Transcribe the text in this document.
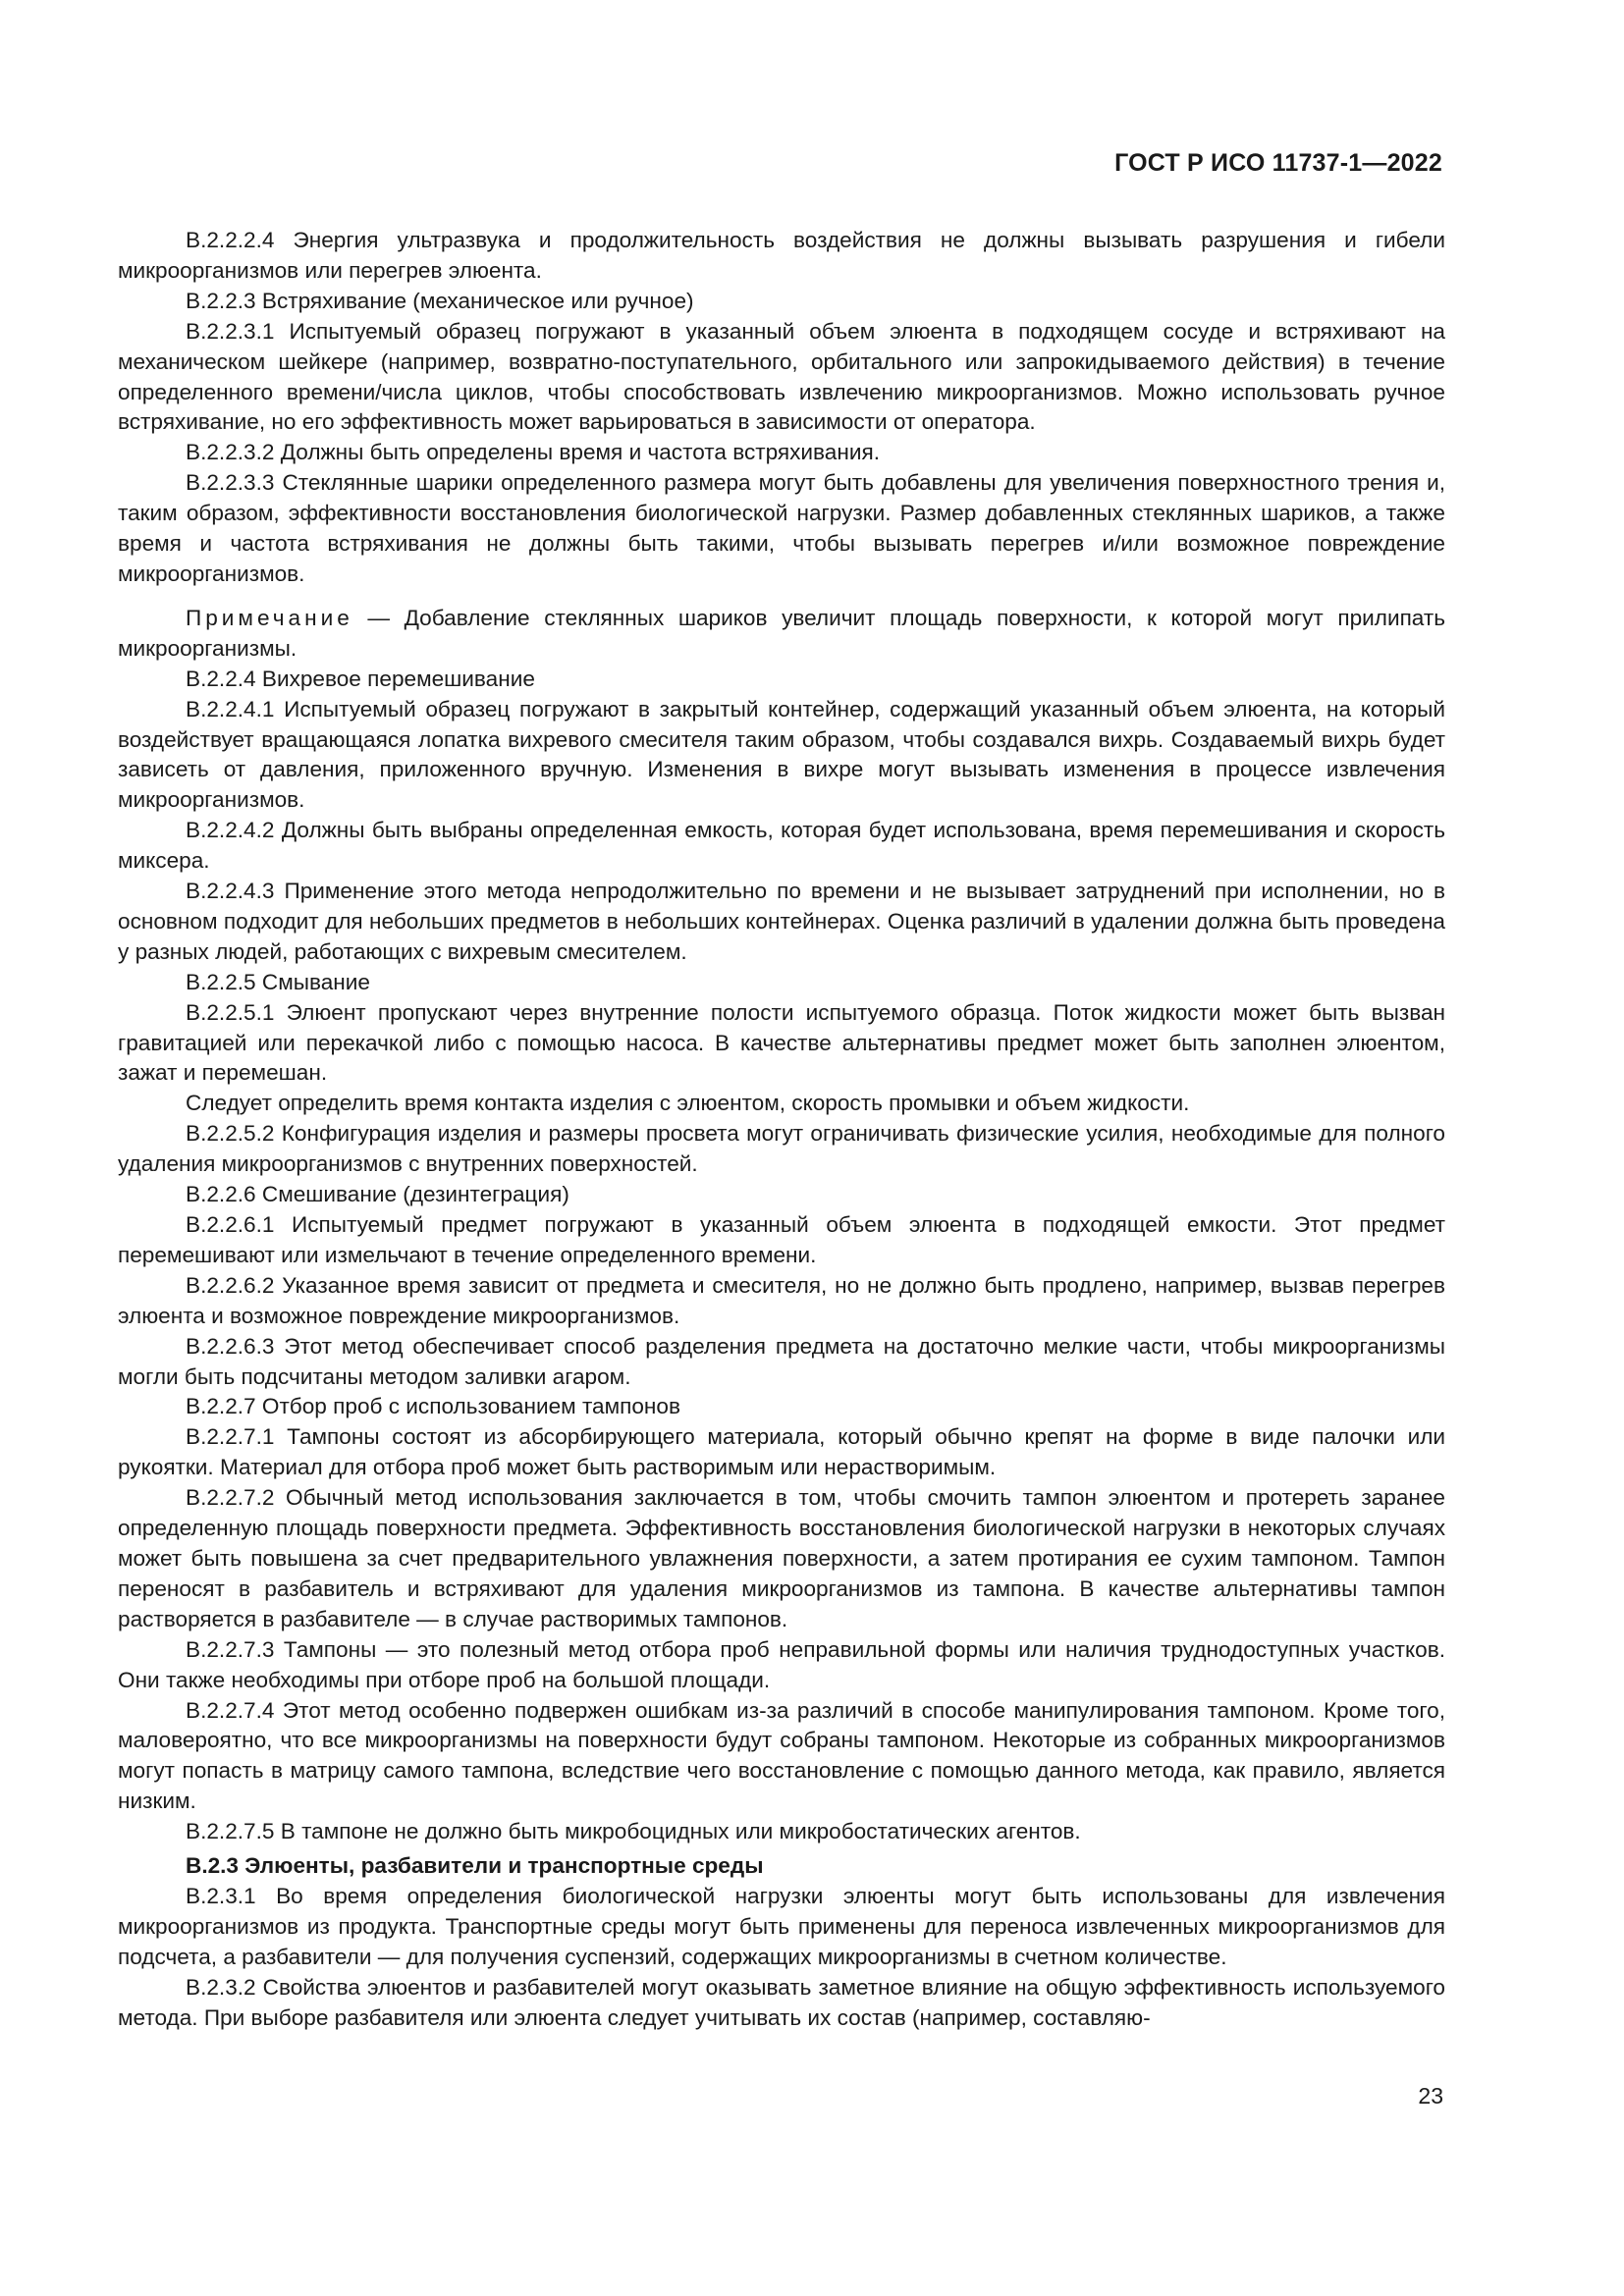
ГОСТ Р ИСО 11737-1—2022

B.2.2.2.4 Энергия ультразвука и продолжительность воздействия не должны вызывать разрушения и гибели микроорганизмов или перегрев элюента.

B.2.2.3 Встряхивание (механическое или ручное)

B.2.2.3.1 Испытуемый образец погружают в указанный объем элюента в подходящем сосуде и встряхивают на механическом шейкере (например, возвратно-поступательного, орбитального или запрокидываемого действия) в течение определенного времени/числа циклов, чтобы способствовать извлечению микроорганизмов. Можно использовать ручное встряхивание, но его эффективность может варьироваться в зависимости от оператора.

B.2.2.3.2 Должны быть определены время и частота встряхивания.

B.2.2.3.3 Стеклянные шарики определенного размера могут быть добавлены для увеличения поверхностного трения и, таким образом, эффективности восстановления биологической нагрузки. Размер добавленных стеклянных шариков, а также время и частота встряхивания не должны быть такими, чтобы вызывать перегрев и/или возможное повреждение микроорганизмов.

Примечание — Добавление стеклянных шариков увеличит площадь поверхности, к которой могут прилипать микроорганизмы.

B.2.2.4 Вихревое перемешивание

B.2.2.4.1 Испытуемый образец погружают в закрытый контейнер, содержащий указанный объем элюента, на который воздействует вращающаяся лопатка вихревого смесителя таким образом, чтобы создавался вихрь. Создаваемый вихрь будет зависеть от давления, приложенного вручную. Изменения в вихре могут вызывать изменения в процессе извлечения микроорганизмов.

B.2.2.4.2 Должны быть выбраны определенная емкость, которая будет использована, время перемешивания и скорость миксера.

B.2.2.4.3 Применение этого метода непродолжительно по времени и не вызывает затруднений при исполнении, но в основном подходит для небольших предметов в небольших контейнерах. Оценка различий в удалении должна быть проведена у разных людей, работающих с вихревым смесителем.

B.2.2.5 Смывание

B.2.2.5.1 Элюент пропускают через внутренние полости испытуемого образца. Поток жидкости может быть вызван гравитацией или перекачкой либо с помощью насоса. В качестве альтернативы предмет может быть заполнен элюентом, зажат и перемешан.

Следует определить время контакта изделия с элюентом, скорость промывки и объем жидкости.

B.2.2.5.2 Конфигурация изделия и размеры просвета могут ограничивать физические усилия, необходимые для полного удаления микроорганизмов с внутренних поверхностей.

B.2.2.6 Смешивание (дезинтеграция)

B.2.2.6.1 Испытуемый предмет погружают в указанный объем элюента в подходящей емкости. Этот предмет перемешивают или измельчают в течение определенного времени.

B.2.2.6.2 Указанное время зависит от предмета и смесителя, но не должно быть продлено, например, вызвав перегрев элюента и возможное повреждение микроорганизмов.

B.2.2.6.3 Этот метод обеспечивает способ разделения предмета на достаточно мелкие части, чтобы микроорганизмы могли быть подсчитаны методом заливки агаром.

B.2.2.7 Отбор проб с использованием тампонов

B.2.2.7.1 Тампоны состоят из абсорбирующего материала, который обычно крепят на форме в виде палочки или рукоятки. Материал для отбора проб может быть растворимым или нерастворимым.

B.2.2.7.2 Обычный метод использования заключается в том, чтобы смочить тампон элюентом и протереть заранее определенную площадь поверхности предмета. Эффективность восстановления биологической нагрузки в некоторых случаях может быть повышена за счет предварительного увлажнения поверхности, а затем протирания ее сухим тампоном. Тампон переносят в разбавитель и встряхивают для удаления микроорганизмов из тампона. В качестве альтернативы тампон растворяется в разбавителе — в случае растворимых тампонов.

B.2.2.7.3 Тампоны — это полезный метод отбора проб неправильной формы или наличия труднодоступных участков. Они также необходимы при отборе проб на большой площади.

B.2.2.7.4 Этот метод особенно подвержен ошибкам из-за различий в способе манипулирования тампоном. Кроме того, маловероятно, что все микроорганизмы на поверхности будут собраны тампоном. Некоторые из собранных микроорганизмов могут попасть в матрицу самого тампона, вследствие чего восстановление с помощью данного метода, как правило, является низким.

B.2.2.7.5 В тампоне не должно быть микробоцидных или микробостатических агентов.

B.2.3 Элюенты, разбавители и транспортные среды

B.2.3.1 Во время определения биологической нагрузки элюенты могут быть использованы для извлечения микроорганизмов из продукта. Транспортные среды могут быть применены для переноса извлеченных микроорганизмов для подсчета, а разбавители — для получения суспензий, содержащих микроорганизмы в счетном количестве.

B.2.3.2 Свойства элюентов и разбавителей могут оказывать заметное влияние на общую эффективность используемого метода. При выборе разбавителя или элюента следует учитывать их состав (например, составляю-

23
